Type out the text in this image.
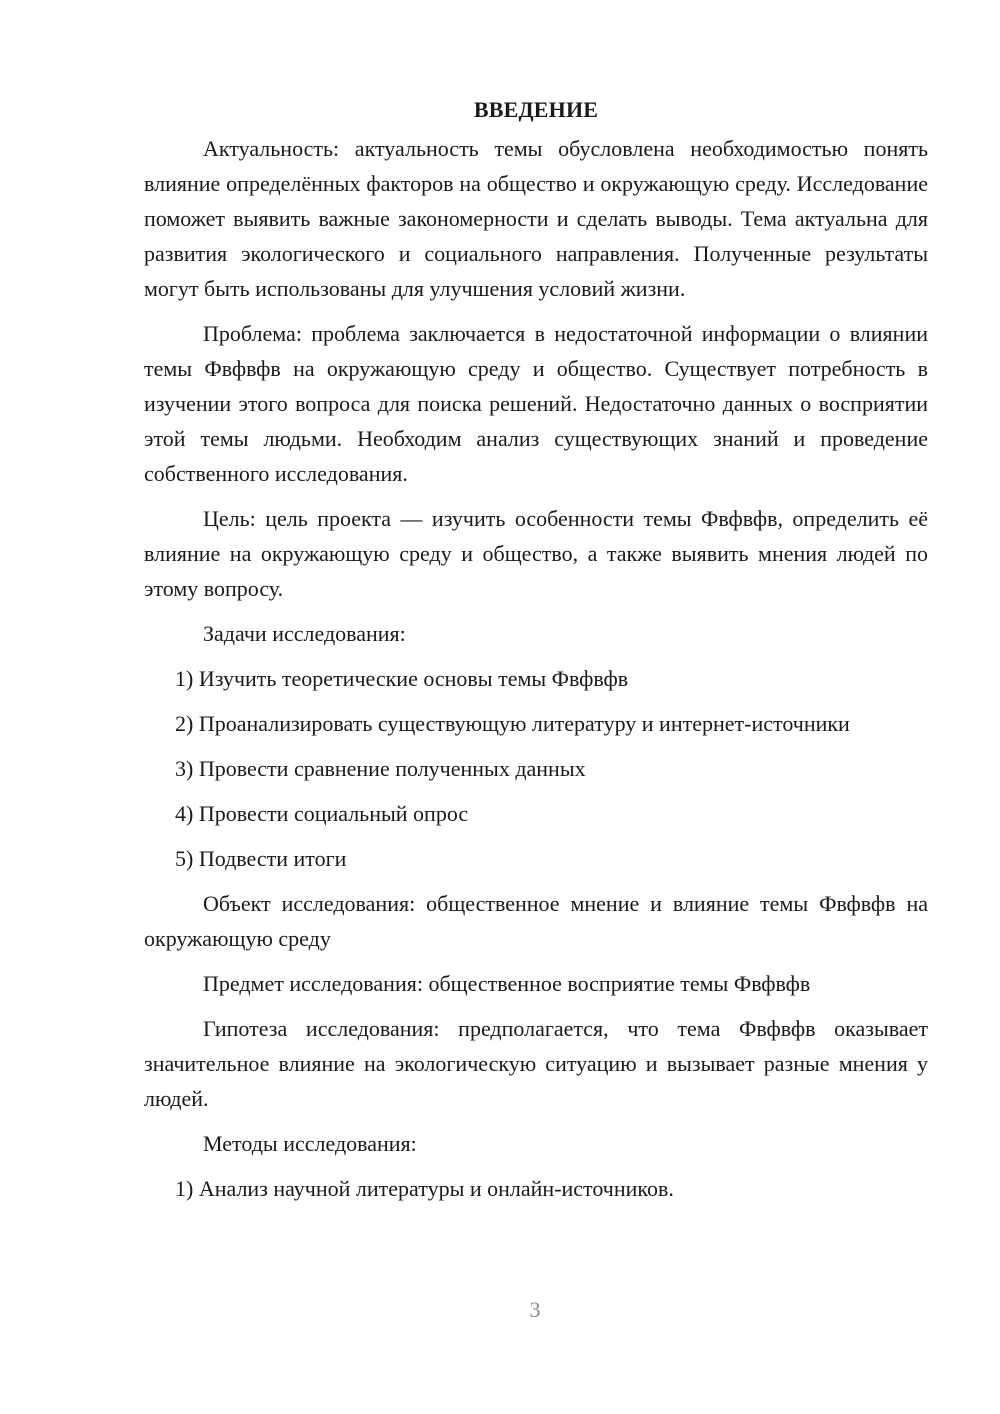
ВВЕДЕНИЕ

Актуальность: актуальность темы обусловлена необходимостью понять влияние определённых факторов на общество и окружающую среду. Исследование поможет выявить важные закономерности и сделать выводы. Тема актуальна для развития экологического и социального направления. Полученные результаты могут быть использованы для улучшения условий жизни.

Проблема: проблема заключается в недостаточной информации о влиянии темы Фвфвфв на окружающую среду и общество. Существует потребность в изучении этого вопроса для поиска решений. Недостаточно данных о восприятии этой темы людьми. Необходим анализ существующих знаний и проведение собственного исследования.

Цель: цель проекта — изучить особенности темы Фвфвфв, определить её влияние на окружающую среду и общество, а также выявить мнения людей по этому вопросу.

Задачи исследования:

1) Изучить теоретические основы темы Фвфвфв

2) Проанализировать существующую литературу и интернет-источники

3) Провести сравнение полученных данных

4) Провести социальный опрос

5) Подвести итоги

Объект исследования: общественное мнение и влияние темы Фвфвфв на окружающую среду

Предмет исследования: общественное восприятие темы Фвфвфв

Гипотеза исследования: предполагается, что тема Фвфвфв оказывает значительное влияние на экологическую ситуацию и вызывает разные мнения у людей.

Методы исследования:

1) Анализ научной литературы и онлайн-источников.

3
